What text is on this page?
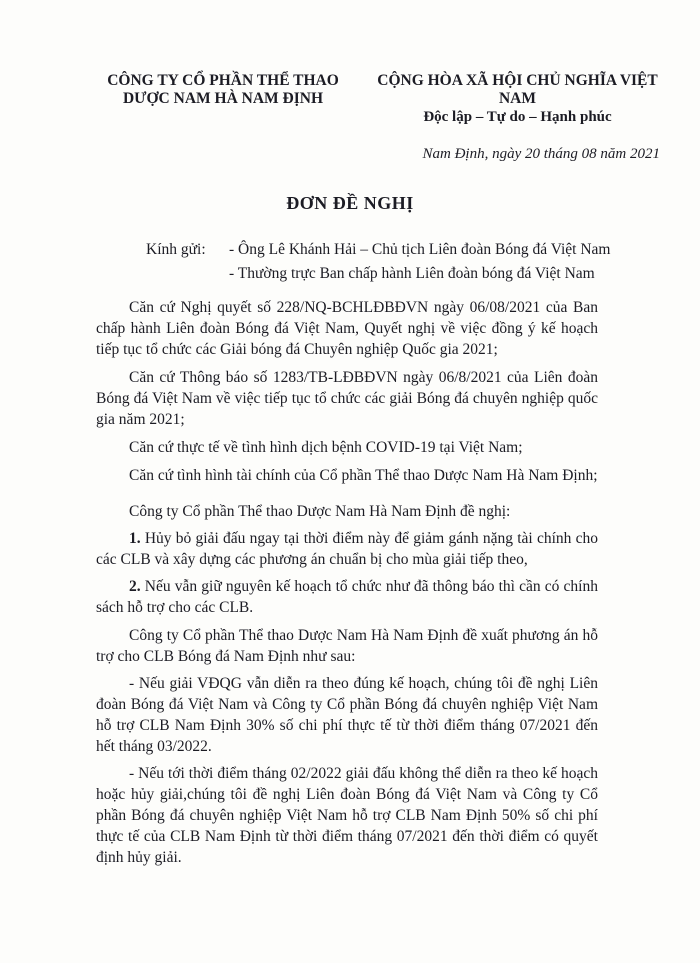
CÔNG TY CỔ PHẦN THỂ THAO
DƯỢC NAM HÀ NAM ĐỊNH
CỘNG HÒA XÃ HỘI CHỦ NGHĨA VIỆT NAM
Độc lập – Tự do – Hạnh phúc
Nam Định, ngày 20 tháng 08 năm 2021
ĐƠN ĐỀ NGHỊ
Kính gửi:	- Ông Lê Khánh Hải – Chủ tịch Liên đoàn Bóng đá Việt Nam
- Thường trực Ban chấp hành Liên đoàn bóng đá Việt Nam

Căn cứ Nghị quyết số 228/NQ-BCHLĐBĐVN ngày 06/08/2021 của Ban chấp hành Liên đoàn Bóng đá Việt Nam, Quyết nghị về việc đồng ý kế hoạch tiếp tục tổ chức các Giải bóng đá Chuyên nghiệp Quốc gia 2021;

Căn cứ Thông báo số 1283/TB-LĐBĐVN ngày 06/8/2021 của Liên đoàn Bóng đá Việt Nam về việc tiếp tục tổ chức các giải Bóng đá chuyên nghiệp quốc gia năm 2021;

Căn cứ thực tế về tình hình dịch bệnh COVID-19 tại Việt Nam;

Căn cứ tình hình tài chính của Cổ phần Thể thao Dược Nam Hà Nam Định;

Công ty Cổ phần Thể thao Dược Nam Hà Nam Định đề nghị:

1. Hủy bỏ giải đấu ngay tại thời điểm này để giảm gánh nặng tài chính cho các CLB và xây dựng các phương án chuẩn bị cho mùa giải tiếp theo,

2. Nếu vẫn giữ nguyên kế hoạch tổ chức như đã thông báo thì cần có chính sách hỗ trợ cho các CLB.

Công ty Cổ phần Thể thao Dược Nam Hà Nam Định đề xuất phương án hỗ trợ cho CLB Bóng đá Nam Định như sau:

- Nếu giải VĐQG vẫn diễn ra theo đúng kế hoạch, chúng tôi đề nghị Liên đoàn Bóng đá Việt Nam và Công ty Cổ phần Bóng đá chuyên nghiệp Việt Nam hỗ trợ CLB Nam Định 30% số chi phí thực tế từ thời điểm tháng 07/2021 đến hết tháng 03/2022.

- Nếu tới thời điểm tháng 02/2022 giải đấu không thể diễn ra theo kế hoạch hoặc hủy giải,chúng tôi đề nghị Liên đoàn Bóng đá Việt Nam và Công ty Cổ phần Bóng đá chuyên nghiệp Việt Nam hỗ trợ CLB Nam Định 50% số chi phí thực tế của CLB Nam Định từ thời điểm tháng 07/2021 đến thời điểm có quyết định hủy giải.
